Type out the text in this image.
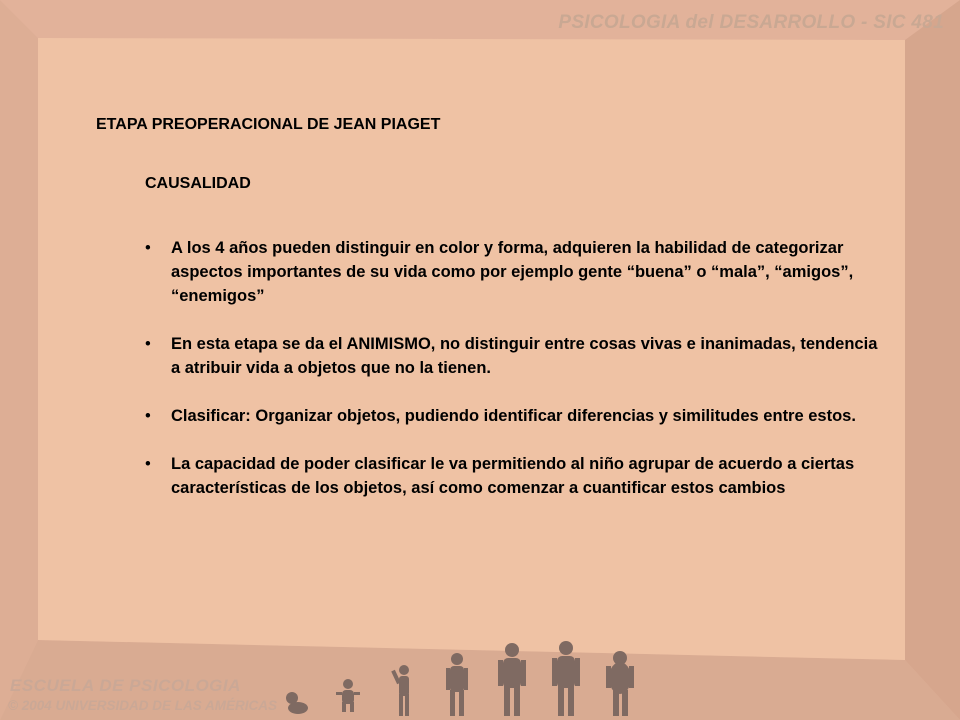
PSICOLOGIA del DESARROLLO - SIC 481
ETAPA PREOPERACIONAL DE JEAN PIAGET
CAUSALIDAD
• A los 4 años pueden distinguir en color y forma, adquieren la habilidad de categorizar aspectos importantes de su vida como por ejemplo gente “buena” o “mala”, “amigos”, “enemigos”
• En esta etapa se da el ANIMISMO, no distinguir entre cosas vivas e inanimadas, tendencia a atribuir vida a objetos que no la tienen.
• Clasificar: Organizar objetos, pudiendo identificar diferencias y similitudes entre estos.
• La capacidad de poder clasificar le va permitiendo al niño agrupar de acuerdo a ciertas características de los objetos, así como comenzar a cuantificar estos cambios
ESCUELA DE PSICOLOGIA
© 2004 UNIVERSIDAD DE LAS AMÉRICAS
